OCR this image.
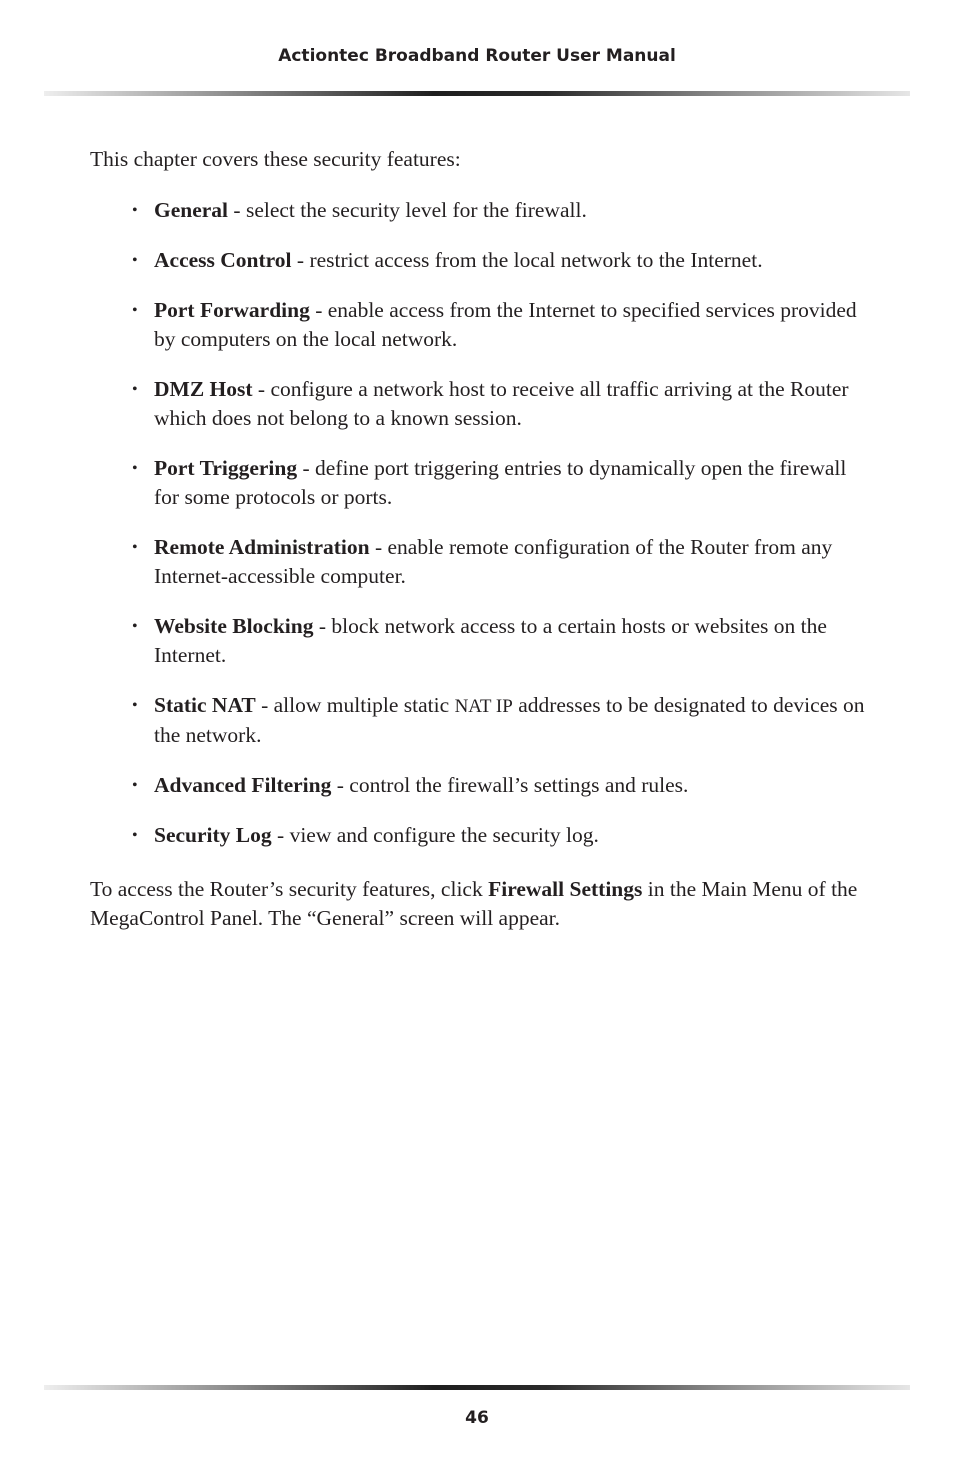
Actiontec Broadband Router User Manual

This chapter covers these security features:

• General - select the security level for the firewall.
• Access Control - restrict access from the local network to the Internet.
• Port Forwarding - enable access from the Internet to specified services provided by computers on the local network.
• DMZ Host - configure a network host to receive all traffic arriving at the Router which does not belong to a known session.
• Port Triggering - define port triggering entries to dynamically open the firewall for some protocols or ports.
• Remote Administration - enable remote configuration of the Router from any Internet-accessible computer.
• Website Blocking - block network access to a certain hosts or websites on the Internet.
• Static NAT - allow multiple static NAT IP addresses to be designated to devices on the network.
• Advanced Filtering - control the firewall’s settings and rules.
• Security Log - view and configure the security log.

To access the Router’s security features, click Firewall Settings in the Main Menu of the MegaControl Panel. The “General” screen will appear.

46
